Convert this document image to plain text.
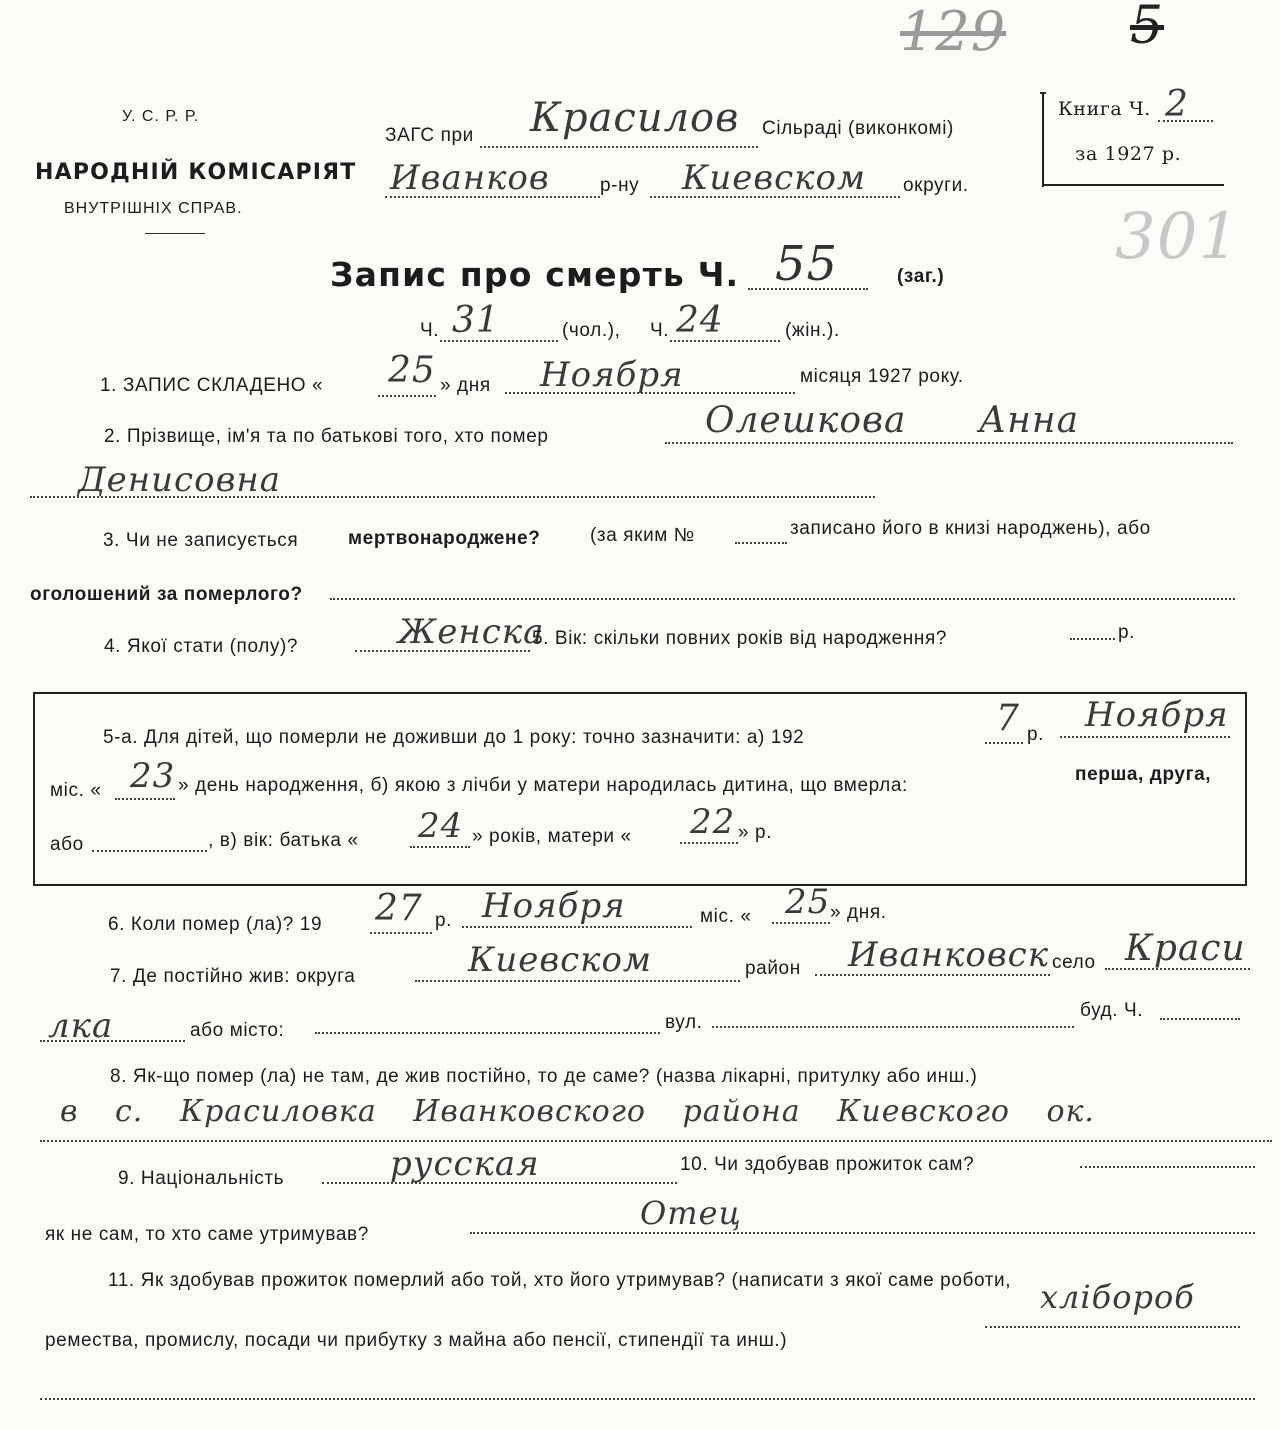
129 5
301
У. С. Р. Р.
НАРОДНІЙ КОМІСАРІЯТ
ВНУТРІШНІХ СПРАВ.
ЗАГС при Красилов Сільраді (виконкомі)
Иванков	р-ну Киевском округи.
Книга Ч. 2
за 1927 р.
Запис про смерть Ч. 55	(заг.)
Ч. 31	(чол.), Ч. 24	(жін.).
1. ЗАПИС СКЛАДЕНО « 25 » дня Ноября	місяця 1927 року.
2. Прізвище, ім'я та по батькові того, хто помер	Олешкова Анна
Денисовна
3. Чи не записується	мертвонароджене?	(за яким №	записано його в книзі народжень), або
оголошений за померлого?
4. Якої стати (полу)?	Женска
5. Вік: скільки повних років від народження?	р.
5-а. Для дітей, що померли не доживши до 1 року: точно зазначити: а) 192	7 р. Ноября
міс. « 23 » день народження, б) якою з лічби у матери народилась дитина, що вмерла:
перша, друга,
або	, в) вік: батька « 24 » років, матери « 22 » р.
6. Коли помер (ла)? 19 27 р. Ноября	міс. « 25 » дня.
7. Де постійно жив: округа	Киевском	район Иванковск село Краси
лка	або місто:	вул.
буд. Ч.
8. Як-що помер (ла) не там, де жив постійно, то де саме? (назва лікарні, притулку або инш.)
в с. Красиловка Иванковского района Киевского ок.
9. Національність	русская	10. Чи здобував прожиток сам?
як не сам, то хто саме утримував?
Отец
11. Як здобував прожиток померлий або той, хто його утримував? (написати з якої саме роботи, хлібороб
ремества, промислу, посади чи прибутку з майна або пенсії, стипендії та инш.)
